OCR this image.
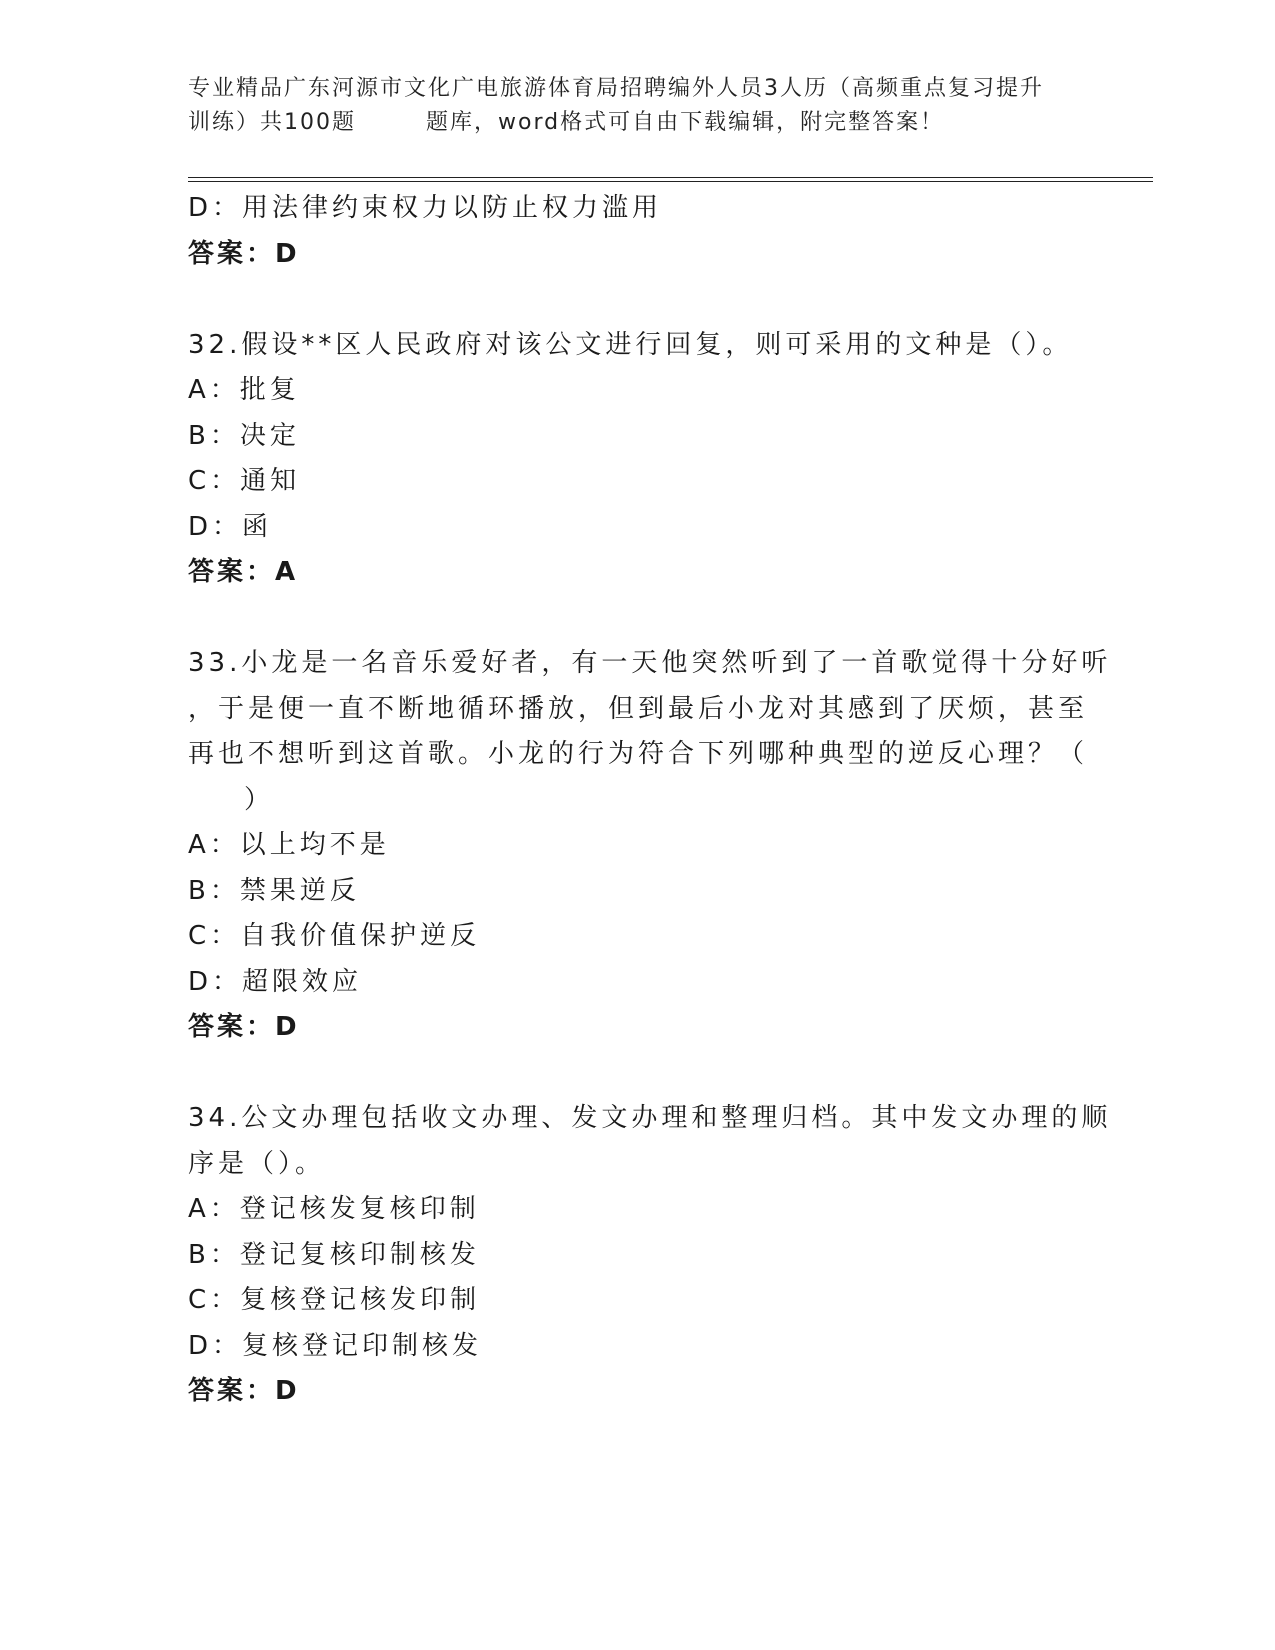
专业精品广东河源市文化广电旅游体育局招聘编外人员3人历（高频重点复习提升
训练）共100题	题库，word格式可自由下载编辑，附完整答案！
D：用法律约束权力以防止权力滥用
答案：D
32.假设**区人民政府对该公文进行回复，则可采用的文种是（）。
A：批复
B：决定
C：通知
D：函
答案：A
33.小龙是一名音乐爱好者，有一天他突然听到了一首歌觉得十分好听
，于是便一直不断地循环播放，但到最后小龙对其感到了厌烦，甚至
再也不想听到这首歌。小龙的行为符合下列哪种典型的逆反心理？（
）
A：以上均不是
B：禁果逆反
C：自我价值保护逆反
D：超限效应
答案：D
34.公文办理包括收文办理、发文办理和整理归档。其中发文办理的顺
序是（）。
A：登记核发复核印制
B：登记复核印制核发
C：复核登记核发印制
D：复核登记印制核发
答案：D
